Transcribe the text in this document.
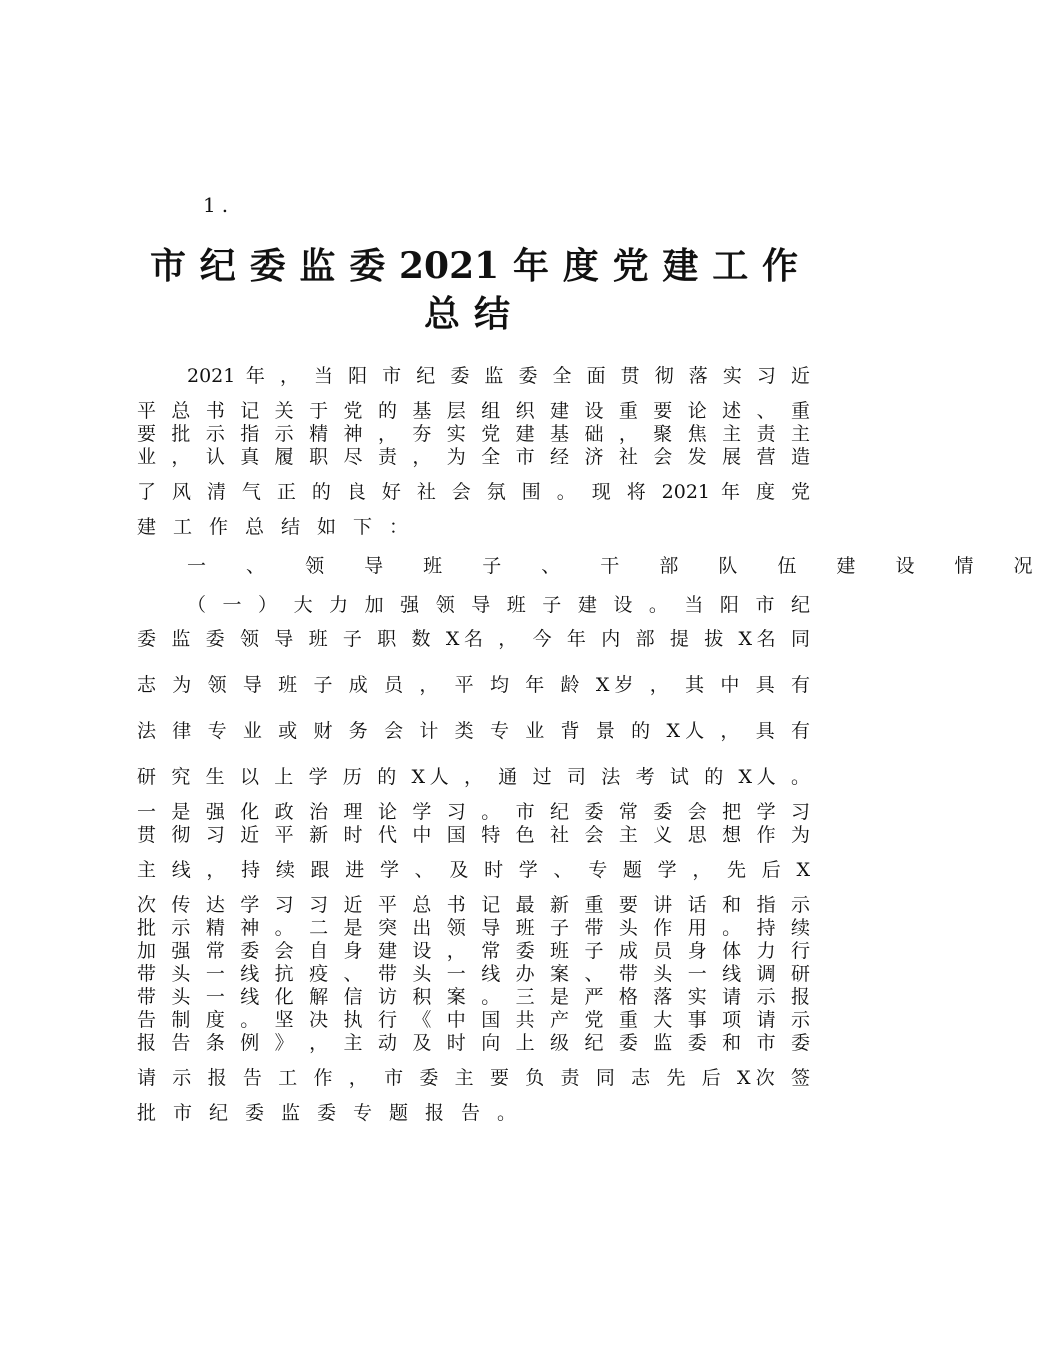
1.
市纪委监委2021年度党建工作
总结
2021 年 ， 当 阳 市 纪 委 监 委 全 面 贯 彻 落 实 习 近
平 总 书 记 关 于 党 的 基 层 组 织 建 设 重 要 论 述 、 重
要 批 示 指 示 精 神 ， 夯 实 党 建 基 础 ， 聚 焦 主 责 主
业 ， 认 真 履 职 尽 责 ， 为 全 市 经 济 社 会 发 展 营 造
了 风 清 气 正 的 良 好 社 会 氛 围 。 现 将 2021 年 度 党
建工作总结如下：
一 、 领 导 班 子 、 干 部 队 伍 建 设 情 况
（ 一 ） 大 力 加 强 领 导 班 子 建 设 。 当 阳 市 纪
委 监 委 领 导 班 子 职 数 X名 ， 今 年 内 部 提 拔 X名 同
志 为 领 导 班 子 成 员 ， 平 均 年 龄 X岁 ， 其 中 具 有
法 律 专 业 或 财 务 会 计 类 专 业 背 景 的 X人 ， 具 有
研 究 生 以 上 学 历 的 X人 ， 通 过 司 法 考 试 的 X人 。
一 是 强 化 政 治 理 论 学 习 。 市 纪 委 常 委 会 把 学 习
贯 彻 习 近 平 新 时 代 中 国 特 色 社 会 主 义 思 想 作 为
主 线 ， 持 续 跟 进 学 、 及 时 学 、 专 题 学 ， 先 后 X
次 传 达 学 习 习 近 平 总 书 记 最 新 重 要 讲 话 和 指 示
批 示 精 神 。 二 是 突 出 领 导 班 子 带 头 作 用 。 持 续
加 强 常 委 会 自 身 建 设 ， 常 委 班 子 成 员 身 体 力 行
带 头 一 线 抗 疫 、 带 头 一 线 办 案 、 带 头 一 线 调 研
带 头 一 线 化 解 信 访 积 案 。 三 是 严 格 落 实 请 示 报
告 制 度 。 坚 决 执 行 《 中 国 共 产 党 重 大 事 项 请 示
报 告 条 例 》 ， 主 动 及 时 向 上 级 纪 委 监 委 和 市 委
请 示 报 告 工 作 ， 市 委 主 要 负 责 同 志 先 后 X次 签
批市纪委监委专题报告。
